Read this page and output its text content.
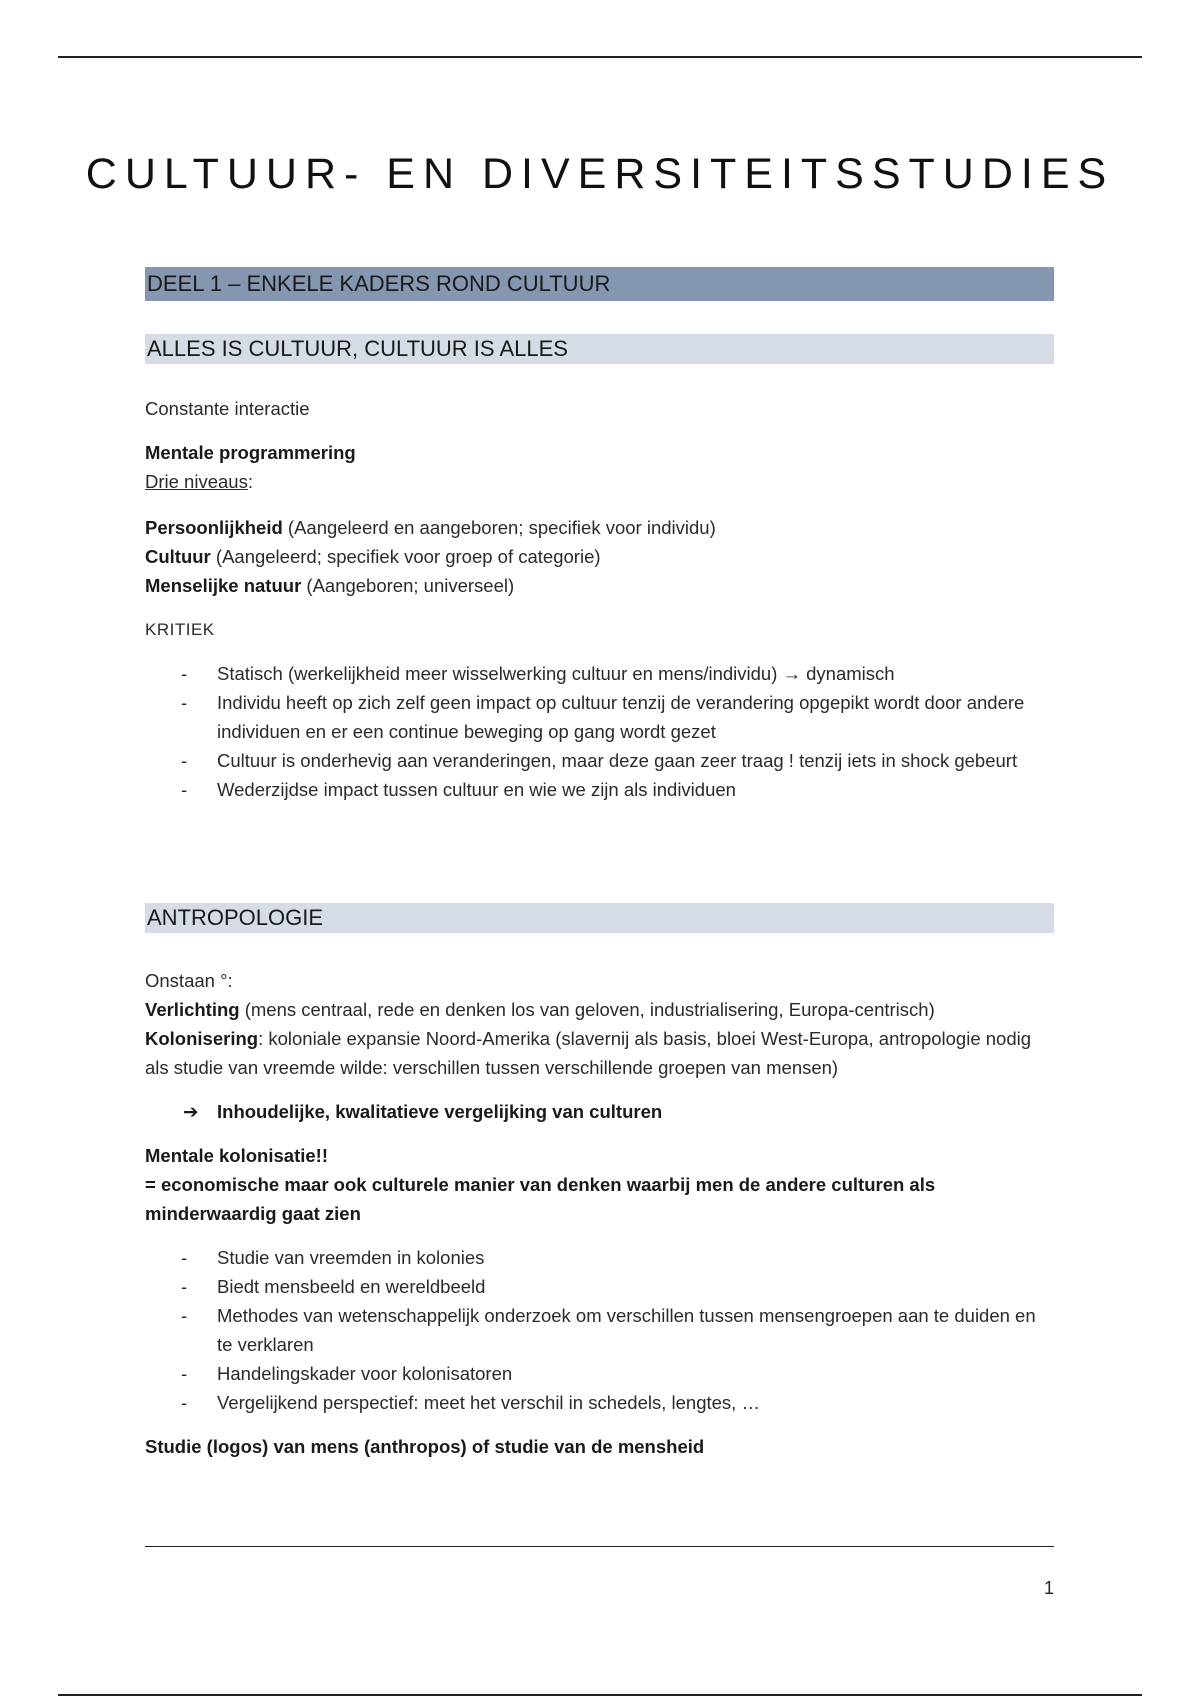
CULTUUR- EN DIVERSITEITSSTUDIES
DEEL 1 – ENKELE KADERS ROND CULTUUR
ALLES IS CULTUUR, CULTUUR IS ALLES

Constante interactie

Mentale programmering

Drie niveaus:

Persoonlijkheid (Aangeleerd en aangeboren; specifiek voor individu)

Cultuur (Aangeleerd; specifiek voor groep of categorie)

Menselijke natuur (Aangeboren; universeel)

KRITIEK

- Statisch (werkelijkheid meer wisselwerking cultuur en mens/individu) → dynamisch
- Individu heeft op zich zelf geen impact op cultuur tenzij de verandering opgepikt wordt door andere individuen en er een continue beweging op gang wordt gezet
- Cultuur is onderhevig aan veranderingen, maar deze gaan zeer traag ! tenzij iets in shock gebeurt
- Wederzijdse impact tussen cultuur en wie we zijn als individuen
ANTROPOLOGIE

Onstaan °:

Verlichting (mens centraal, rede en denken los van geloven, industrialisering, Europa-centrisch)

Kolonisering: koloniale expansie Noord-Amerika (slavernij als basis, bloei West-Europa, antropologie nodig als studie van vreemde wilde: verschillen tussen verschillende groepen van mensen)

➔ Inhoudelijke, kwalitatieve vergelijking van culturen

Mentale kolonisatie!!

= economische maar ook culturele manier van denken waarbij men de andere culturen als minderwaardig gaat zien

- Studie van vreemden in kolonies
- Biedt mensbeeld en wereldbeeld
- Methodes van wetenschappelijk onderzoek om verschillen tussen mensengroepen aan te duiden en te verklaren
- Handelingskader voor kolonisatoren
- Vergelijkend perspectief: meet het verschil in schedels, lengtes, …

Studie (logos) van mens (anthropos) of studie van de mensheid

1
